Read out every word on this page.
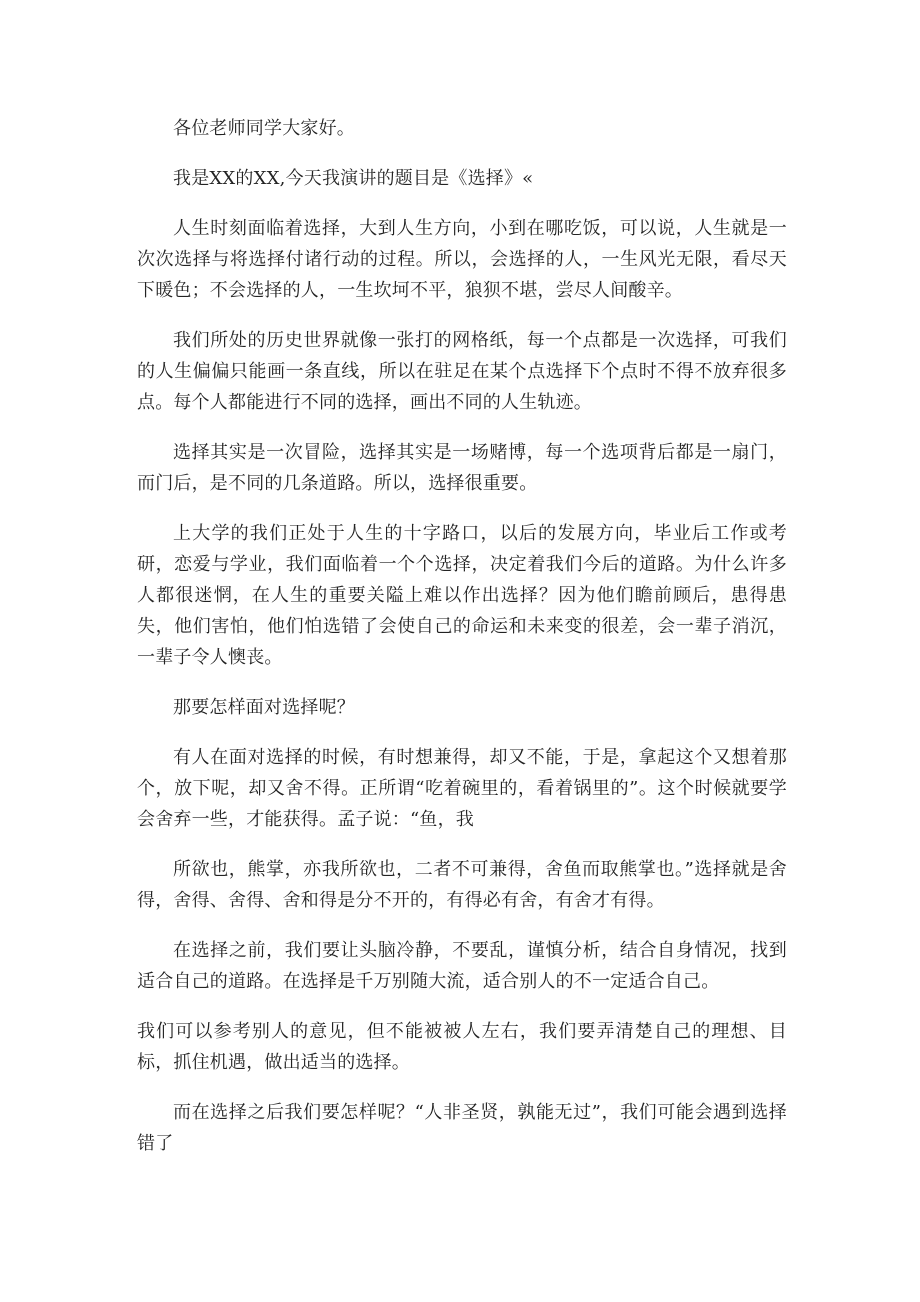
各位老师同学大家好。

我是XX的XX,今天我演讲的题目是《选择》«

人生时刻面临着选择，大到人生方向，小到在哪吃饭，可以说，人生就是一次次选择与将选择付诸行动的过程。所以，会选择的人，一生风光无限，看尽天下暖色；不会选择的人，一生坎坷不平，狼狈不堪，尝尽人间酸辛。

我们所处的历史世界就像一张打的网格纸，每一个点都是一次选择，可我们的人生偏偏只能画一条直线，所以在驻足在某个点选择下个点时不得不放弃很多点。每个人都能进行不同的选择，画出不同的人生轨迹。

选择其实是一次冒险，选择其实是一场赌博，每一个选项背后都是一扇门，而门后，是不同的几条道路。所以，选择很重要。

上大学的我们正处于人生的十字路口，以后的发展方向，毕业后工作或考研，恋爱与学业，我们面临着一个个选择，决定着我们今后的道路。为什么许多人都很迷惘，在人生的重要关隘上难以作出选择？因为他们瞻前顾后，患得患失，他们害怕，他们怕选错了会使自己的命运和未来变的很差，会一辈子消沉，一辈子令人懊丧。

那要怎样面对选择呢？

有人在面对选择的时候，有时想兼得，却又不能，于是，拿起这个又想着那个，放下呢，却又舍不得。正所谓“吃着碗里的，看着锅里的”。这个时候就要学会舍弃一些，才能获得。孟子说：“鱼，我

所欲也，熊掌，亦我所欲也，二者不可兼得，舍鱼而取熊掌也。”选择就是舍得，舍得、舍得、舍和得是分不开的，有得必有舍，有舍才有得。

在选择之前，我们要让头脑冷静，不要乱，谨慎分析，结合自身情况，找到适合自己的道路。在选择是千万别随大流，适合别人的不一定适合自己。

我们可以参考别人的意见，但不能被被人左右，我们要弄清楚自己的理想、目标，抓住机遇，做出适当的选择。

而在选择之后我们要怎样呢？“人非圣贤，孰能无过”，我们可能会遇到选择错了
